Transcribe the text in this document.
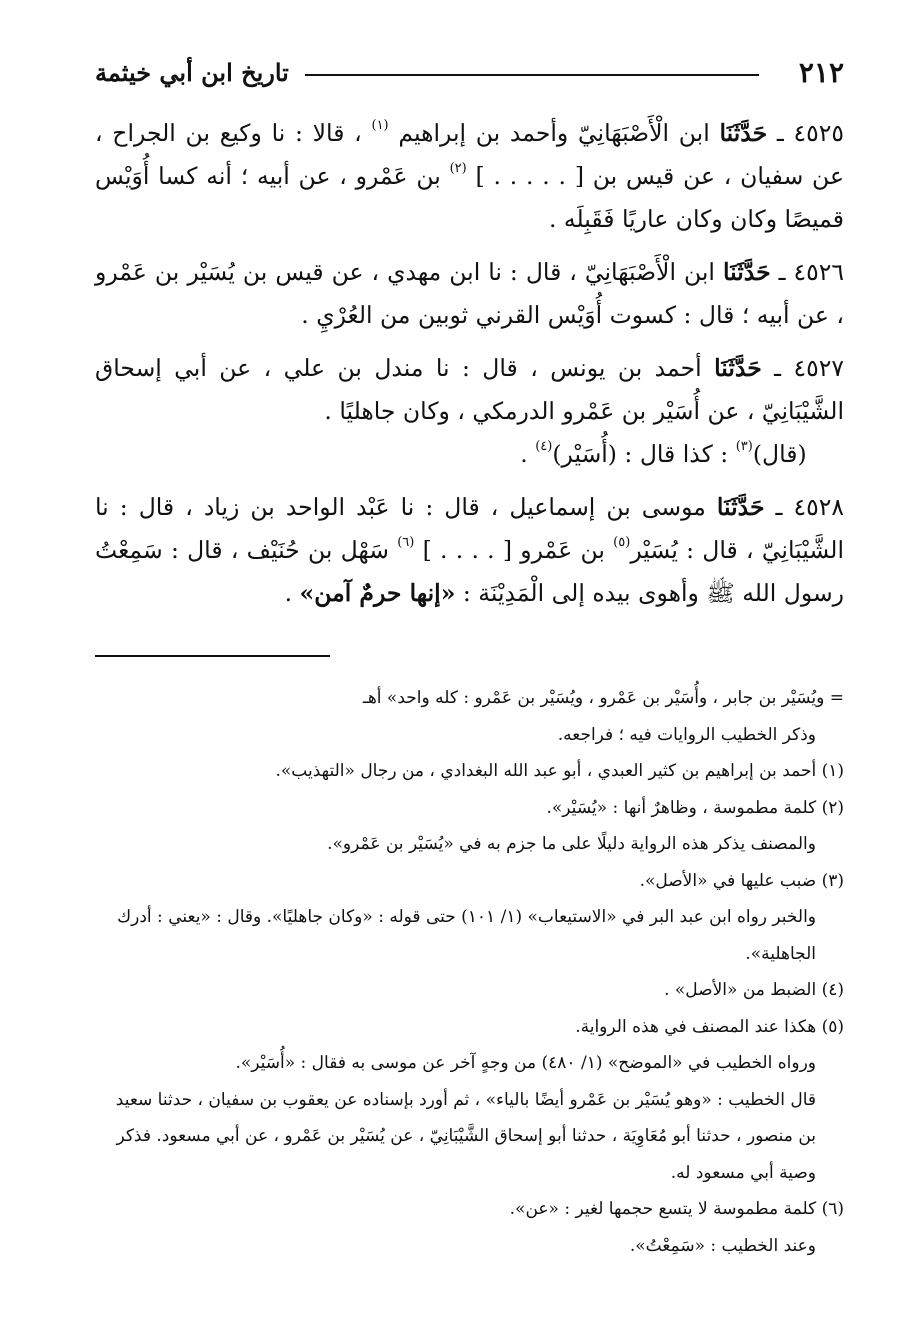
٢١٢
تاريخ ابن أبي خيثمة

٤٥٢٥ ـ حَدَّثَنَا ابن الْأَصْبَهَانِيّ وأحمد بن إبراهيم $^{(١)}$ ، قالا : نا وكيع بن الجراح ، عن سفيان ، عن قيس بن [ . . . . . ] $^{(٢)}$ بن عَمْرو ، عن أبيه ؛ أنه كسا أُوَيْس قميصًا وكان وكان عاريًا فَقَبِلَه .

٤٥٢٦ ـ حَدَّثَنَا ابن الْأَصْبَهَانِيّ ، قال : نا ابن مهدي ، عن قيس بن يُسَيْر بن عَمْرو ، عن أبيه ؛ قال : كسوت أُوَيْس القرني ثوبين من العُرْيِ .

٤٥٢٧ ـ حَدَّثَنَا أحمد بن يونس ، قال : نا مندل بن علي ، عن أبي إسحاق الشَّيْبَانِيّ ، عن أُسَيْر بن عَمْرو الدرمكي ، وكان جاهليًا .
(قال)$^{(٣)}$ : كذا قال : (أُسَيْر)$^{(٤)}$ .

٤٥٢٨ ـ حَدَّثَنَا موسى بن إسماعيل ، قال : نا عَبْد الواحد بن زياد ، قال : نا الشَّيْبَانِيّ ، قال : يُسَيْر$^{(٥)}$ بن عَمْرو [ . . . . ] $^{(٦)}$ سَهْل بن حُنَيْف ، قال : سَمِعْتُ رسول الله ﷺ وأهوى بيده إلى الْمَدِيْنَة : «إنها حرمٌ آمن» .

= ويُسَيْر بن جابر ، وأُسَيْر بن عَمْرو ، ويُسَيْر بن عَمْرو : كله واحد» أهـ

وذكر الخطيب الروايات فيه ؛ فراجعه.

(١) أحمد بن إبراهيم بن كثير العبدي ، أبو عبد الله البغدادي ، من رجال «التهذيب».

(٢) كلمة مطموسة ، وظاهرٌ أنها : «يُسَيْر».

والمصنف يذكر هذه الرواية دليلًا على ما جزم به في «يُسَيْر بن عَمْرو».

(٣) ضبب عليها في «الأصل».

والخبر رواه ابن عبد البر في «الاستيعاب» (١/ ١٠١) حتى قوله : «وكان جاهليًا». وقال : «يعني : أدرك الجاهلية».

(٤) الضبط من «الأصل» .

(٥) هكذا عند المصنف في هذه الرواية.

ورواه الخطيب في «الموضح» (١/ ٤٨٠) من وجهٍ آخر عن موسى به فقال : «أُسَيْر».

قال الخطيب : «وهو يُسَيْر بن عَمْرو أيضًا بالياء» ، ثم أورد بإسناده عن يعقوب بن سفيان ، حدثنا سعيد بن منصور ، حدثنا أبو مُعَاوِيَة ، حدثنا أبو إسحاق الشَّيْبَانِيّ ، عن يُسَيْر بن عَمْرو ، عن أبي مسعود. فذكر وصية أبي مسعود له.

(٦) كلمة مطموسة لا يتسع حجمها لغير : «عن».

وعند الخطيب : «سَمِعْتُ».
